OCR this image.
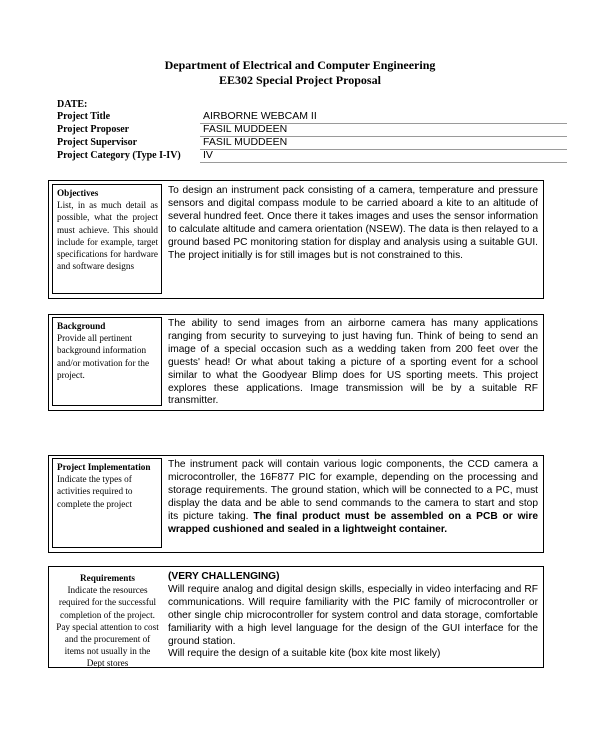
Department of Electrical and Computer Engineering
EE302 Special Project Proposal
DATE:
Project Title	AIRBORNE WEBCAM II
Project Proposer	FASIL MUDDEEN
Project Supervisor	FASIL MUDDEEN
Project Category (Type I-IV) IV
Objectives
List, in as much detail as possible, what the project must achieve. This should include for example, target specifications for hardware and software designs
To design an instrument pack consisting of a camera, temperature and pressure sensors and digital compass module to be carried aboard a kite to an altitude of several hundred feet. Once there it takes images and uses the sensor information to calculate altitude and camera orientation (NSEW). The data is then relayed to a ground based PC monitoring station for display and analysis using a suitable GUI. The project initially is for still images but is not constrained to this.
Background
Provide all pertinent background information and/or motivation for the project.
The ability to send images from an airborne camera has many applications ranging from security to surveying to just having fun. Think of being to send an image of a special occasion such as a wedding taken from 200 feet over the guests' head! Or what about taking a picture of a sporting event for a school similar to what the Goodyear Blimp does for US sporting meets. This project explores these applications. Image transmission will be by a suitable RF transmitter.
Project Implementation
Indicate the types of activities required to complete the project
The instrument pack will contain various logic components, the CCD camera a microcontroller, the 16F877 PIC for example, depending on the processing and storage requirements. The ground station, which will be connected to a PC, must display the data and be able to send commands to the camera to start and stop its picture taking. The final product must be assembled on a PCB or wire wrapped cushioned and sealed in a lightweight container.
Requirements
Indicate the resources required for the successful completion of the project. Pay special attention to cost and the procurement of items not usually in the Dept stores
(VERY CHALLENGING)
Will require analog and digital design skills, especially in video interfacing and RF communications. Will require familiarity with the PIC family of microcontroller or other single chip microcontroller for system control and data storage, comfortable familiarity with a high level language for the design of the GUI interface for the ground station.
Will require the design of a suitable kite (box kite most likely)
